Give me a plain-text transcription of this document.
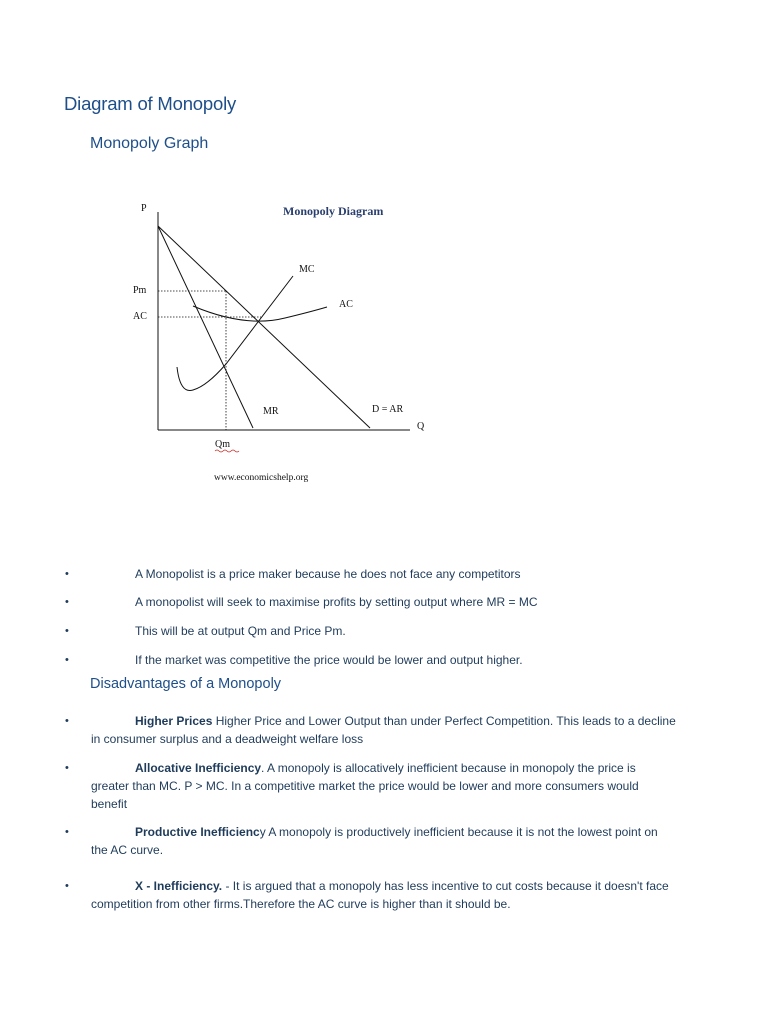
Diagram of Monopoly
Monopoly Graph
Monopoly Diagram
P
Q
Pm
AC
Qm
MC
AC
MR	D = AR
www.economicshelp.org
•	A Monopolist is a price maker because he does not face any competitors
•	A monopolist will seek to maximise profits by setting output where MR = MC
•	This will be at output Qm and Price Pm.
•	If the market was competitive the price would be lower and output higher.
Disadvantages of a Monopoly
•	Higher Prices Higher Price and Lower Output than under Perfect Competition. This leads to a decline in consumer surplus and a deadweight welfare loss
•	Allocative Inefficiency. A monopoly is allocatively inefficient because in monopoly the price is greater than MC. P > MC. In a competitive market the price would be lower and more consumers would benefit
•	Productive Inefficiency A monopoly is productively inefficient because it is not the lowest point on the AC curve.
•	X - Inefficiency. - It is argued that a monopoly has less incentive to cut costs because it doesn't face competition from other firms.Therefore the AC curve is higher than it should be.
